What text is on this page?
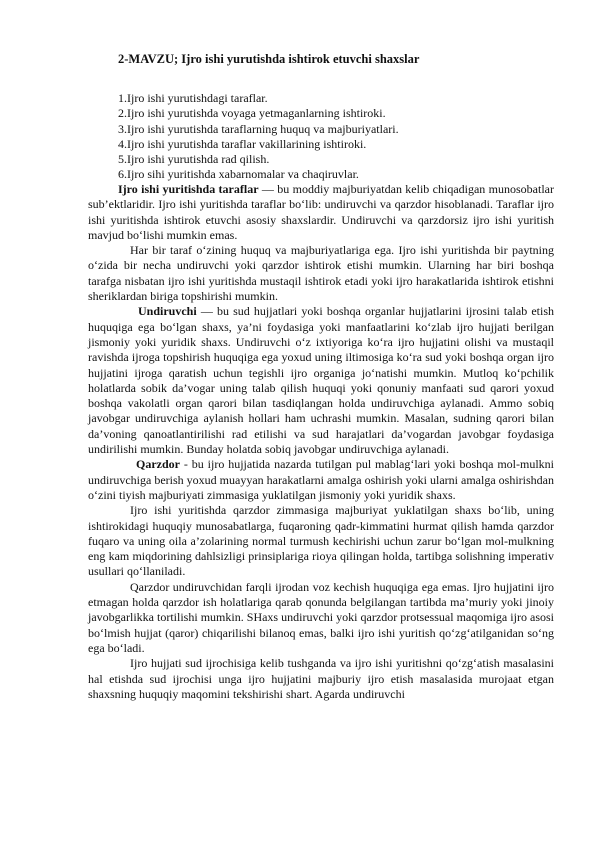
2-MAVZU; Ijro ishi yurutishda ishtirok etuvchi shaxslar
1.Ijro ishi yurutishdagi taraflar.
2.Ijro ishi yurutishda voyaga yetmaganlarning ishtiroki.
3.Ijro ishi yurutishda taraflarning huquq va majburiyatlari.
4.Ijro ishi yurutishda taraflar vakillarining ishtiroki.
5.Ijro ishi yurutishda rad qilish.
6.Ijro sihi yuritishda xabarnomalar va chaqiruvlar.

Ijro ishi yuritishda taraflar — bu moddiy majburiyatdan kelib chiqadigan munosobatlar sub’ektlaridir. Ijro ishi yuritishda taraflar bo‘lib: undiruvchi va qarzdor hisoblanadi. Taraflar ijro ishi yuritishda ishtirok etuvchi asosiy shaxslardir. Undiruvchi va qarzdorsiz ijro ishi yuritish mavjud bo‘lishi mumkin emas.

Har bir taraf o‘zining huquq va majburiyatlariga ega. Ijro ishi yuritishda bir paytning o‘zida bir necha undiruvchi yoki qarzdor ishtirok etishi mumkin. Ularning har biri boshqa tarafga nisbatan ijro ishi yuritishda mustaqil ishtirok etadi yoki ijro harakatlarida ishtirok etishni sheriklardan biriga topshirishi mumkin.

Undiruvchi — bu sud hujjatlari yoki boshqa organlar hujjatlarini ijrosini talab etish huquqiga ega bo‘lgan shaxs, ya’ni foydasiga yoki manfaatlarini ko‘zlab ijro hujjati berilgan jismoniy yoki yuridik shaxs. Undiruvchi o‘z ixtiyoriga ko‘ra ijro hujjatini olishi va mustaqil ravishda ijroga topshirish huquqiga ega yoxud uning iltimosiga ko‘ra sud yoki boshqa organ ijro hujjatini ijroga qaratish uchun tegishli ijro organiga jo‘natishi mumkin. Mutloq ko‘pchilik holatlarda sobik da’vogar uning talab qilish huquqi yoki qonuniy manfaati sud qarori yoxud boshqa vakolatli organ qarori bilan tasdiqlangan holda undiruvchiga aylanadi. Ammo sobiq javobgar undiruvchiga aylanish hollari ham uchrashi mumkin. Masalan, sudning qarori bilan da’voning qanoatlantirilishi rad etilishi va sud harajatlari da’vogardan javobgar foydasiga undirilishi mumkin. Bunday holatda sobiq javobgar undiruvchiga aylanadi.

Qarzdor - bu ijro hujjatida nazarda tutilgan pul mablag‘lari yoki boshqa mol-mulkni undiruvchiga berish yoxud muayyan harakatlarni amalga oshirish yoki ularni amalga oshirishdan o‘zini tiyish majburiyati zimmasiga yuklatilgan jismoniy yoki yuridik shaxs.

Ijro ishi yuritishda qarzdor zimmasiga majburiyat yuklatilgan shaxs bo‘lib, uning ishtirokidagi huquqiy munosabatlarga, fuqaroning qadr-kimmatini hurmat qilish hamda qarzdor fuqaro va uning oila a’zolarining normal turmush kechirishi uchun zarur bo‘lgan mol-mulkning eng kam miqdorining dahlsizligi prinsiplariga rioya qilingan holda, tartibga solishning imperativ usullari qo‘llaniladi.

Qarzdor undiruvchidan farqli ijrodan voz kechish huquqiga ega emas. Ijro hujjatini ijro etmagan holda qarzdor ish holatlariga qarab qonunda belgilangan tartibda ma’muriy yoki jinoiy javobgarlikka tortilishi mumkin. SHaxs undiruvchi yoki qarzdor protsessual maqomiga ijro asosi bo‘lmish hujjat (qaror) chiqarilishi bilanoq emas, balki ijro ishi yuritish qo‘zg‘atilganidan so‘ng ega bo‘ladi.

Ijro hujjati sud ijrochisiga kelib tushganda va ijro ishi yuritishni qo‘zg‘atish masalasini hal etishda sud ijrochisi unga ijro hujjatini majburiy ijro etish masalasida murojaat etgan shaxsning huquqiy maqomini tekshirishi shart. Agarda undiruvchi
